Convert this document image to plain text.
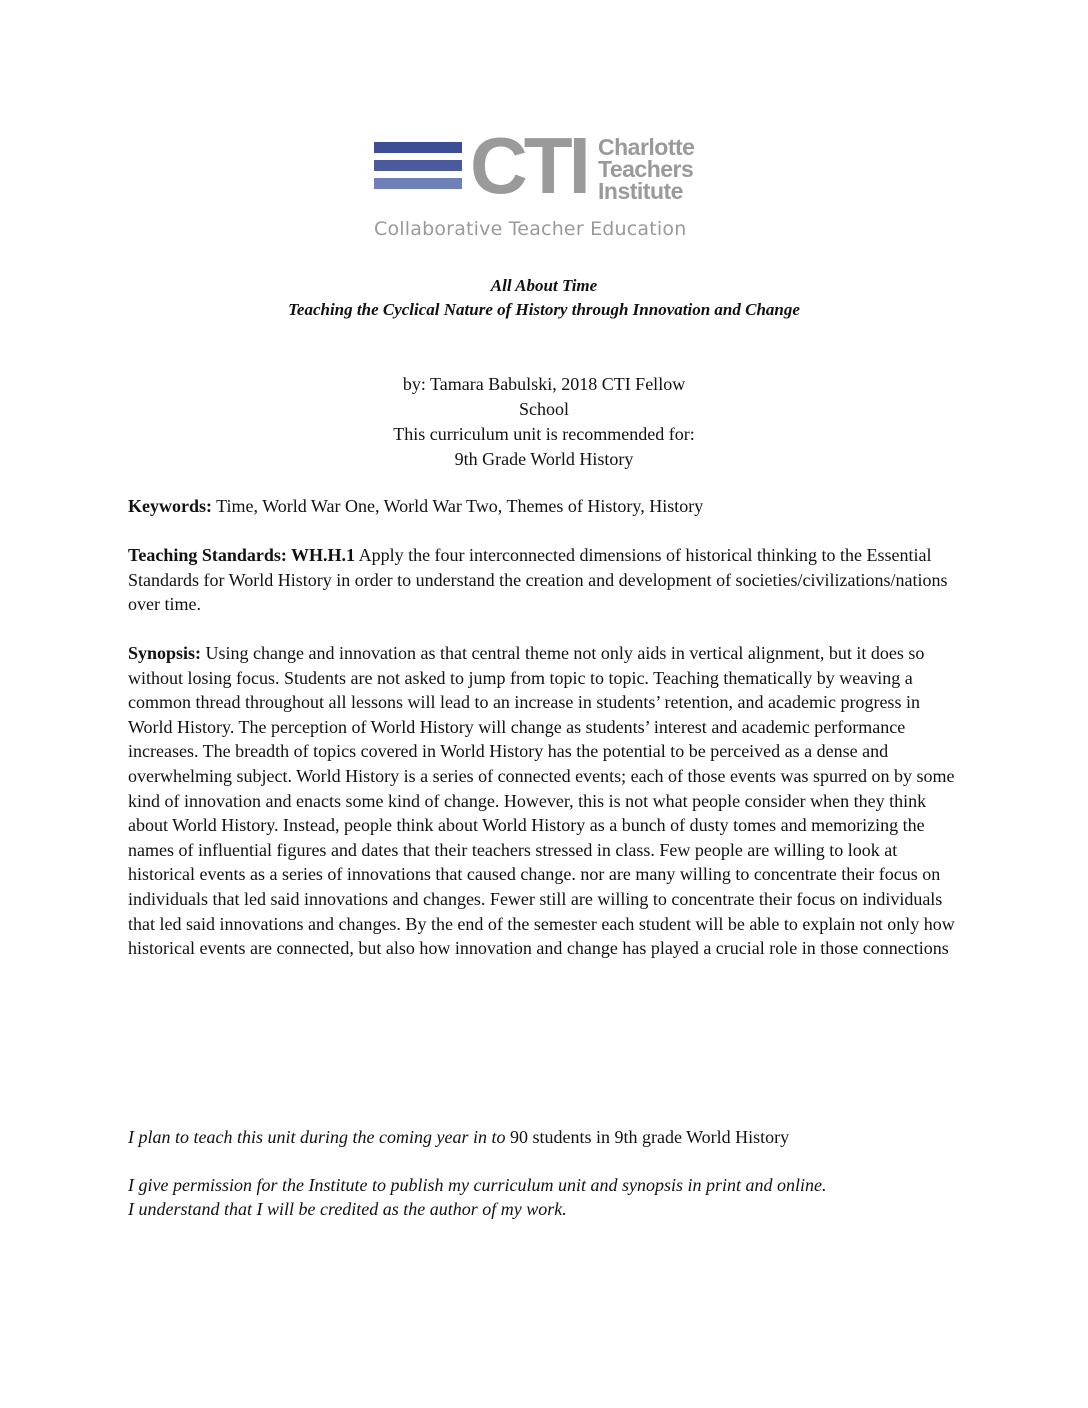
CTI Charlotte
Teachers
Institute
Collaborative Teacher Education
All About Time
Teaching the Cyclical Nature of History through Innovation and Change
by: Tamara Babulski, 2018 CTI Fellow
School
This curriculum unit is recommended for:
9th Grade World History
Keywords: Time, World War One, World War Two, Themes of History, History
Teaching Standards: WH.H.1 Apply the four interconnected dimensions of historical thinking to the Essential Standards for World History in order to understand the creation and development of societies/civilizations/nations over time.
Synopsis: Using change and innovation as that central theme not only aids in vertical alignment, but it does so without losing focus. Students are not asked to jump from topic to topic. Teaching thematically by weaving a common thread throughout all lessons will lead to an increase in students’ retention, and academic progress in World History. The perception of World History will change as students’ interest and academic performance increases. The breadth of topics covered in World History has the potential to be perceived as a dense and overwhelming subject. World History is a series of connected events; each of those events was spurred on by some kind of innovation and enacts some kind of change. However, this is not what people consider when they think about World History. Instead, people think about World History as a bunch of dusty tomes and memorizing the names of influential figures and dates that their teachers stressed in class. Few people are willing to look at historical events as a series of innovations that caused change. nor are many willing to concentrate their focus on individuals that led said innovations and changes. Fewer still are willing to concentrate their focus on individuals that led said innovations and changes. By the end of the semester each student will be able to explain not only how historical events are connected, but also how innovation and change has played a crucial role in those connections
I plan to teach this unit during the coming year in to 90 students in 9th grade World History
I give permission for the Institute to publish my curriculum unit and synopsis in print and online.
I understand that I will be credited as the author of my work.
